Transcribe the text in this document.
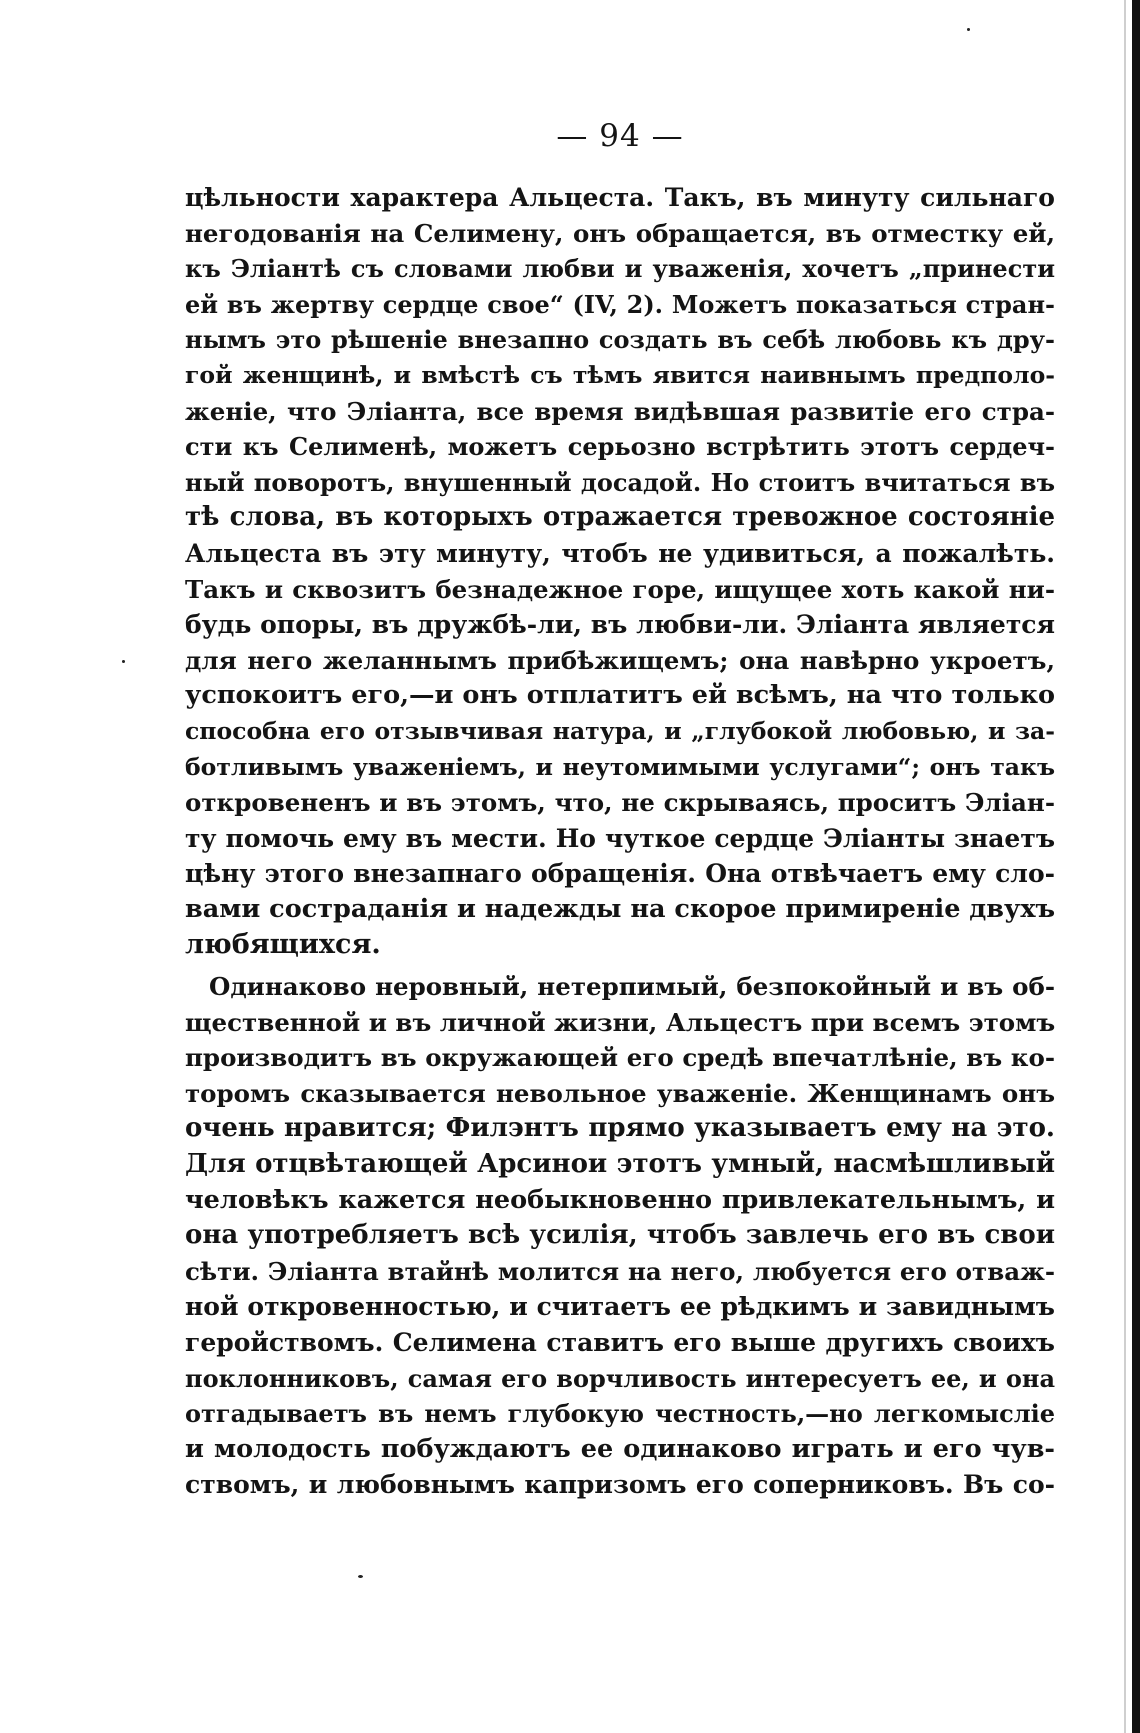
— 94 —
цѣльности характера Альцеста. Такъ, въ минуту сильнаго
негодованія на Селимену, онъ обращается, въ отместку ей,
къ Эліантѣ съ словами любви и уваженія, хочетъ „принести
ей въ жертву сердце свое“ (IV, 2). Можетъ показаться стран-
нымъ это рѣшеніе внезапно создать въ себѣ любовь къ дру-
гой женщинѣ, и вмѣстѣ съ тѣмъ явится наивнымъ предполо-
женіе, что Эліанта, все время видѣвшая развитіе его стра-
сти къ Селименѣ, можетъ серьозно встрѣтить этотъ сердеч-
ный поворотъ, внушенный досадой. Но стоитъ вчитаться въ
тѣ слова, въ которыхъ отражается тревожное состояніе
Альцеста въ эту минуту, чтобъ не удивиться, а пожалѣть.
Такъ и сквозитъ безнадежное горе, ищущее хоть какой ни-
будь опоры, въ дружбѣ-ли, въ любви-ли. Эліанта является
для него желаннымъ прибѣжищемъ; она навѣрно укроетъ,
успокоитъ его,—и онъ отплатитъ ей всѣмъ, на что только
способна его отзывчивая натура, и „глубокой любовью, и за-
ботливымъ уваженіемъ, и неутомимыми услугами“; онъ такъ
откровененъ и въ этомъ, что, не скрываясь, проситъ Эліан-
ту помочь ему въ мести. Но чуткое сердце Эліанты знаетъ
цѣну этого внезапнаго обращенія. Она отвѣчаетъ ему сло-
вами состраданія и надежды на скорое примиреніе двухъ
любящихся.
Одинаково неровный, нетерпимый, безпокойный и въ об-
щественной и въ личной жизни, Альцестъ при всемъ этомъ
производитъ въ окружающей его средѣ впечатлѣніе, въ ко-
торомъ сказывается невольное уваженіе. Женщинамъ онъ
очень нравится; Филэнтъ прямо указываетъ ему на это.
Для отцвѣтающей Арсинои этотъ умный, насмѣшливый
человѣкъ кажется необыкновенно привлекательнымъ, и
она употребляетъ всѣ усилія, чтобъ завлечь его въ свои
сѣти. Эліанта втайнѣ молится на него, любуется его отваж-
ной откровенностью, и считаетъ ее рѣдкимъ и завиднымъ
геройствомъ. Селимена ставитъ его выше другихъ своихъ
поклонниковъ, самая его ворчливость интересуетъ ее, и она
отгадываетъ въ немъ глубокую честность,—но легкомысліе
и молодость побуждаютъ ее одинаково играть и его чув-
ствомъ, и любовнымъ капризомъ его соперниковъ. Въ со-
